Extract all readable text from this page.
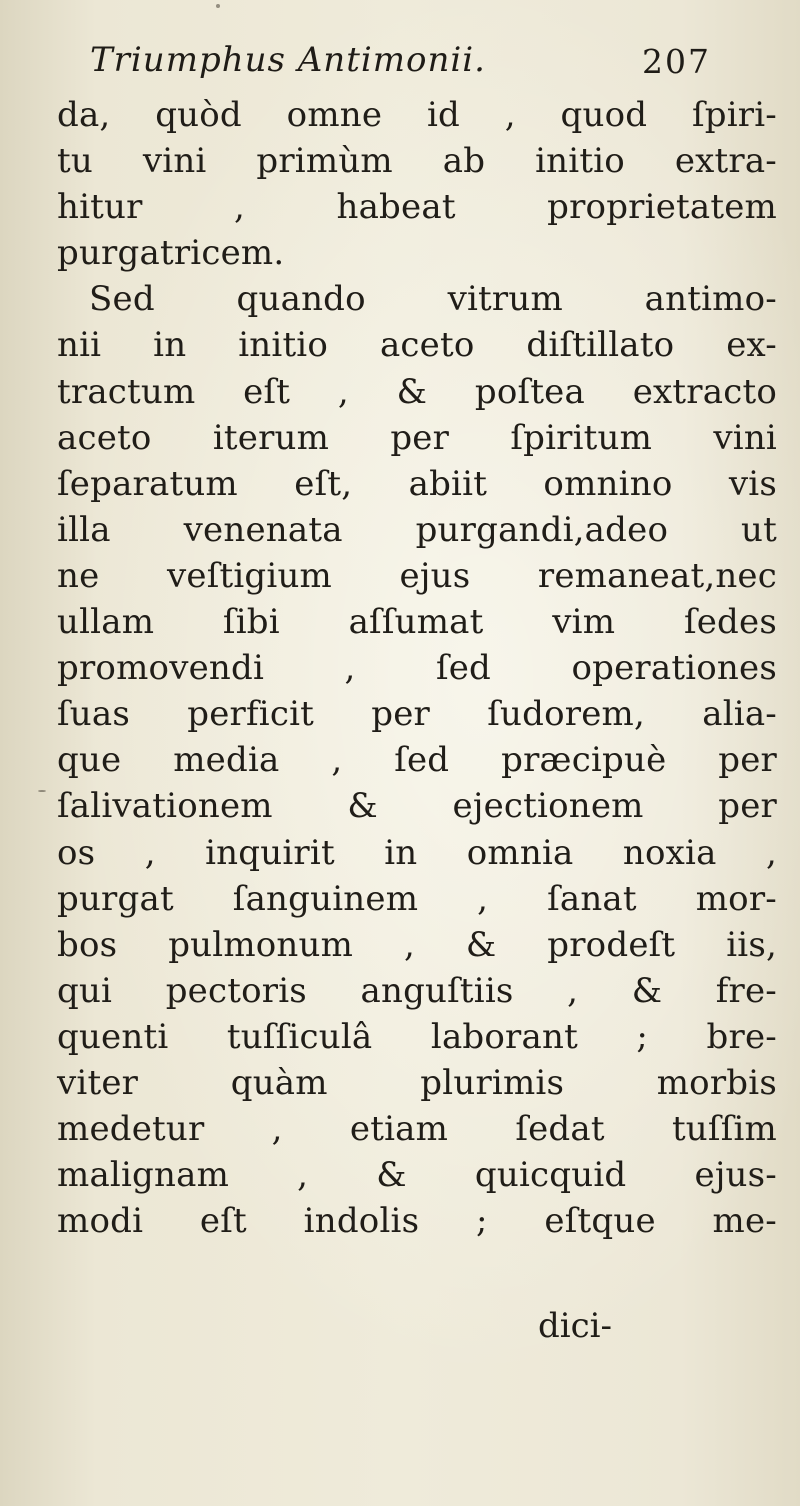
Triumphus Antimonii.	207
da, quòd omne id , quod ſpiri-
tu vini primùm ab initio extra-
hitur , habeat proprietatem
purgatricem.
Sed quando vitrum antimo-
nii in initio aceto diſtillato ex-
tractum eſt , & poſtea extracto
aceto iterum per ſpiritum vini
ſeparatum eſt, abiit omnino vis
illa venenata purgandi,adeo ut
ne veſtigium ejus remaneat,nec
ullam ſibi aſſumat vim ſedes
promovendi , ſed operationes
ſuas perficit per ſudorem, alia-
que media , ſed præcipuè per
ſalivationem & ejectionem per
os , inquirit in omnia noxia ,
purgat ſanguinem , ſanat mor-
bos pulmonum , & prodeſt iis,
qui pectoris anguſtiis , & fre-
quenti tuſſiculâ laborant ; bre-
viter quàm plurimis morbis
medetur , etiam ſedat tuſſim
malignam , & quicquid ejus-
modi eſt indolis ; eſtque me-
dici-
